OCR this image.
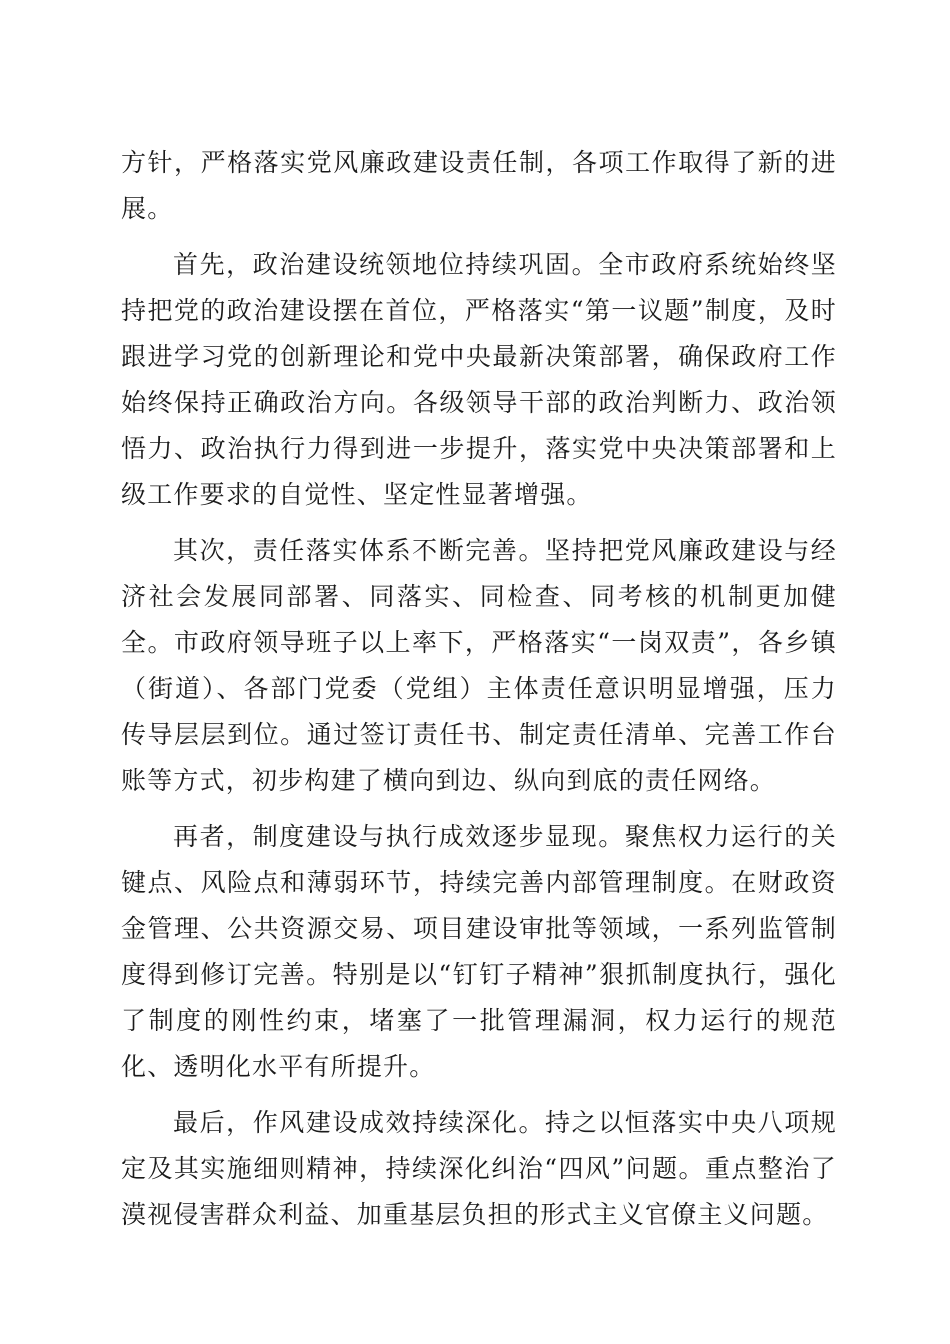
方针，严格落实党风廉政建设责任制，各项工作取得了新的进展。

首先，政治建设统领地位持续巩固。全市政府系统始终坚持把党的政治建设摆在首位，严格落实“第一议题”制度，及时跟进学习党的创新理论和党中央最新决策部署，确保政府工作始终保持正确政治方向。各级领导干部的政治判断力、政治领悟力、政治执行力得到进一步提升，落实党中央决策部署和上级工作要求的自觉性、坚定性显著增强。

其次，责任落实体系不断完善。坚持把党风廉政建设与经济社会发展同部署、同落实、同检查、同考核的机制更加健全。市政府领导班子以上率下，严格落实“一岗双责”，各乡镇（街道）、各部门党委（党组）主体责任意识明显增强，压力传导层层到位。通过签订责任书、制定责任清单、完善工作台账等方式，初步构建了横向到边、纵向到底的责任网络。

再者，制度建设与执行成效逐步显现。聚焦权力运行的关键点、风险点和薄弱环节，持续完善内部管理制度。在财政资金管理、公共资源交易、项目建设审批等领域，一系列监管制度得到修订完善。特别是以“钉钉子精神”狠抓制度执行，强化了制度的刚性约束，堵塞了一批管理漏洞，权力运行的规范化、透明化水平有所提升。

最后，作风建设成效持续深化。持之以恒落实中央八项规定及其实施细则精神，持续深化纠治“四风”问题。重点整治了漠视侵害群众利益、加重基层负担的形式主义官僚主义问题。
